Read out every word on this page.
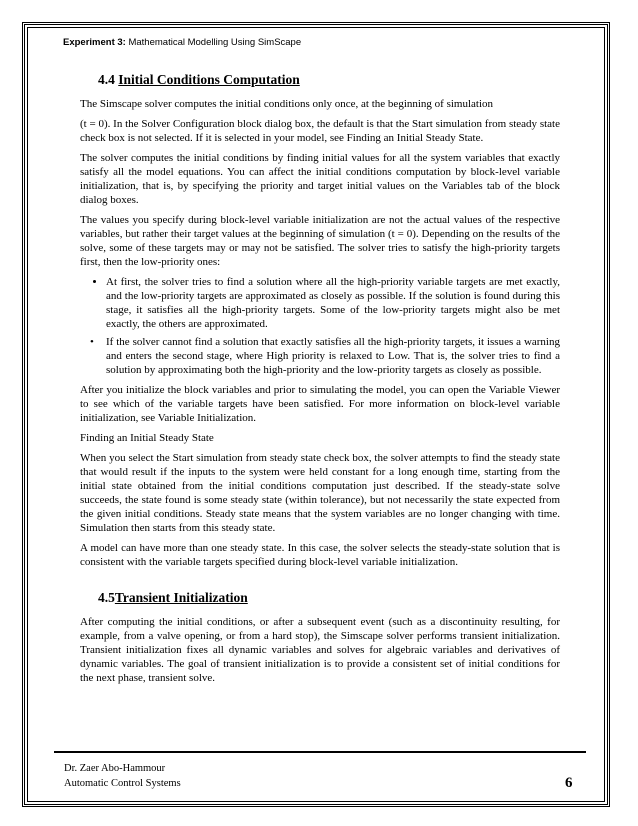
Experiment 3: Mathematical Modelling Using SimScape
4.4 Initial Conditions Computation

The Simscape solver computes the initial conditions only once, at the beginning of simulation

(t = 0). In the Solver Configuration block dialog box, the default is that the Start simulation from steady state check box is not selected. If it is selected in your model, see Finding an Initial Steady State.

The solver computes the initial conditions by finding initial values for all the system variables that exactly satisfy all the model equations. You can affect the initial conditions computation by block-level variable initialization, that is, by specifying the priority and target initial values on the Variables tab of the block dialog boxes.

The values you specify during block-level variable initialization are not the actual values of the respective variables, but rather their target values at the beginning of simulation (t = 0). Depending on the results of the solve, some of these targets may or may not be satisfied. The solver tries to satisfy the high-priority targets first, then the low-priority ones:

• At first, the solver tries to find a solution where all the high-priority variable targets are met exactly, and the low-priority targets are approximated as closely as possible. If the solution is found during this stage, it satisfies all the high-priority targets. Some of the low-priority targets might also be met exactly, the others are approximated.

• If the solver cannot find a solution that exactly satisfies all the high-priority targets, it issues a warning and enters the second stage, where High priority is relaxed to Low. That is, the solver tries to find a solution by approximating both the high-priority and the low-priority targets as closely as possible.

After you initialize the block variables and prior to simulating the model, you can open the Variable Viewer to see which of the variable targets have been satisfied. For more information on block-level variable initialization, see Variable Initialization.

Finding an Initial Steady State

When you select the Start simulation from steady state check box, the solver attempts to find the steady state that would result if the inputs to the system were held constant for a long enough time, starting from the initial state obtained from the initial conditions computation just described. If the steady-state solve succeeds, the state found is some steady state (within tolerance), but not necessarily the state expected from the given initial conditions. Steady state means that the system variables are no longer changing with time. Simulation then starts from this steady state.

A model can have more than one steady state. In this case, the solver selects the steady-state solution that is consistent with the variable targets specified during block-level variable initialization.

4.5Transient Initialization

After computing the initial conditions, or after a subsequent event (such as a discontinuity resulting, for example, from a valve opening, or from a hard stop), the Simscape solver performs transient initialization. Transient initialization fixes all dynamic variables and solves for algebraic variables and derivatives of dynamic variables. The goal of transient initialization is to provide a consistent set of initial conditions for the next phase, transient solve.

Dr. Zaer Abo-Hammour
Automatic Control Systems	6
